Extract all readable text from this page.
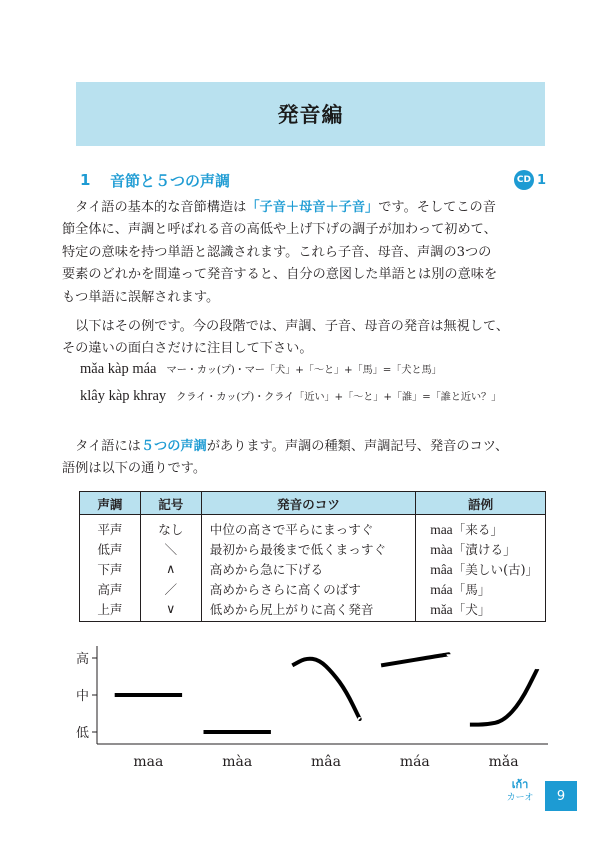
発音編
1	音節と５つの声調	CD 1

　タイ語の基本的な音節構造は「子音＋母音＋子音」です。そしてこの音
節全体に、声調と呼ばれる音の高低や上げ下げの調子が加わって初めて、
特定の意味を持つ単語と認識されます。これら子音、母音、声調の3つの
要素のどれかを間違って発音すると、自分の意図した単語とは別の意味を
もつ単語に誤解されます。

　以下はその例です。今の段階では、声調、子音、母音の発音は無視して、
その違いの面白さだけに注目して下さい。

mǎa kàp máa マー・カッ(プ)・マー「犬」+「～と」+「馬」=「犬と馬」
klây kàp khray クライ・カッ(プ)・クライ「近い」+「～と」+「誰」=「誰と近い？」

　タイ語には５つの声調があります。声調の種類、声調記号、発音のコツ、
語例は以下の通りです。

声調	記号	発音のコツ	語例
平声	なし	中位の高さで平らにまっすぐ	maa「来る」
低声	＼	最初から最後まで低くまっすぐ	màa「漬ける」
下声	∧	高めから急に下げる	mâa「美しい(古)」
高声	／	高めからさらに高くのばす	máa「馬」
上声	∨	低めから尻上がりに高く発音	mǎa「犬」
低
中
高
maa	màa	mâa	máa	mǎa
เก้า
カーオ	9
